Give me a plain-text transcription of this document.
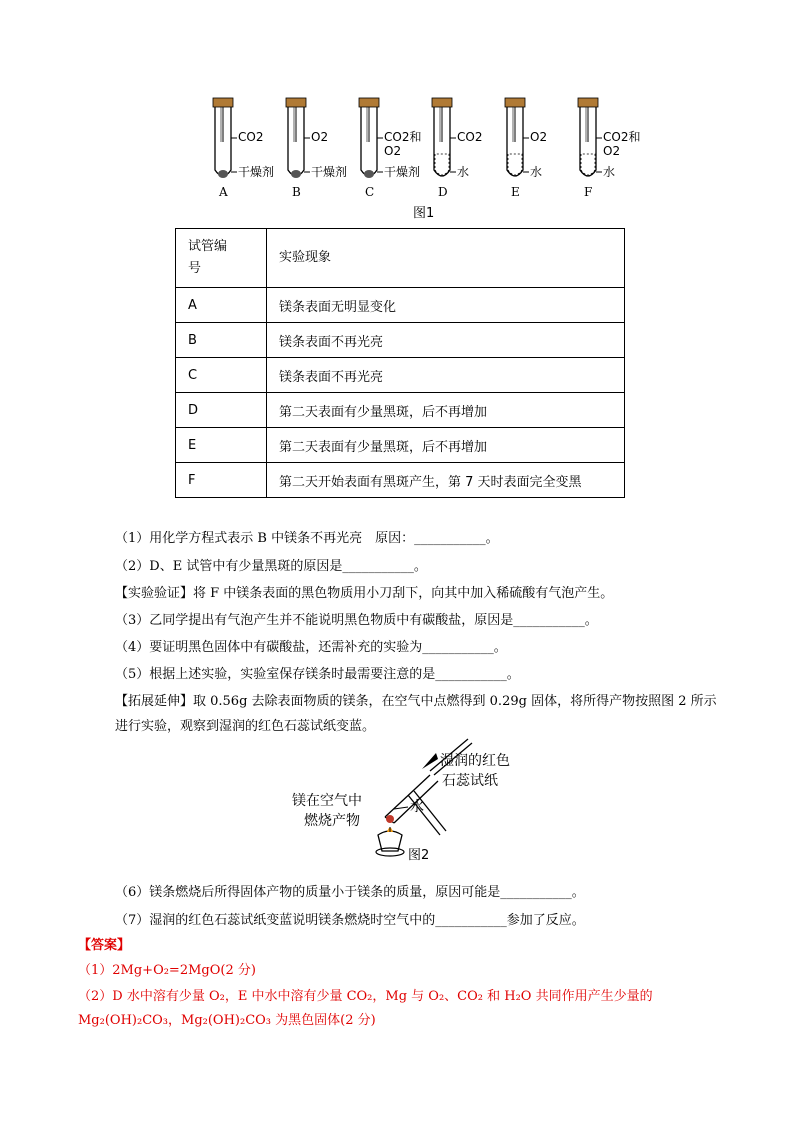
CO2
干燥剂
A
O2
干燥剂
B
CO2和
O2
干燥剂
C
CO2
水
D
O2
水
E
CO2和
O2
水
F
图1
试管编
号	实验现象
A	镁条表面无明显变化
B	镁条表面不再光亮
C	镁条表面不再光亮
D	第二天表面有少量黑斑，后不再增加
E	第二天表面有少量黑斑，后不再增加
F	第二天开始表面有黑斑产生，第 7 天时表面完全变黑
（1）用化学方程式表示 B 中镁条不再光亮　原因：___________。
（2）D、E 试管中有少量黑斑的原因是___________。
【实验验证】将 F 中镁条表面的黑色物质用小刀刮下，向其中加入稀硫酸有气泡产生。
（3）乙同学提出有气泡产生并不能说明黑色物质中有碳酸盐，原因是___________。
（4）要证明黑色固体中有碳酸盐，还需补充的实验为___________。
（5）根据上述实验，实验室保存镁条时最需要注意的是___________。
【拓展延伸】取 0.56g 去除表面物质的镁条，在空气中点燃得到 0.29g 固体，将所得产物按照图 2 所示
进行实验，观察到湿润的红色石蕊试纸变蓝。
湿润的红色
石蕊试纸
镁在空气中
燃烧产物
水
图2
（6）镁条燃烧后所得固体产物的质量小于镁条的质量，原因可能是___________。
（7）湿润的红色石蕊试纸变蓝说明镁条燃烧时空气中的___________参加了反应。
【答案】
（1）2Mg+O₂=2MgO(2 分)
（2）D 水中溶有少量 O₂，E 中水中溶有少量 CO₂，Mg 与 O₂、CO₂ 和 H₂O 共同作用产生少量的
Mg₂(OH)₂CO₃，Mg₂(OH)₂CO₃ 为黑色固体(2 分)
